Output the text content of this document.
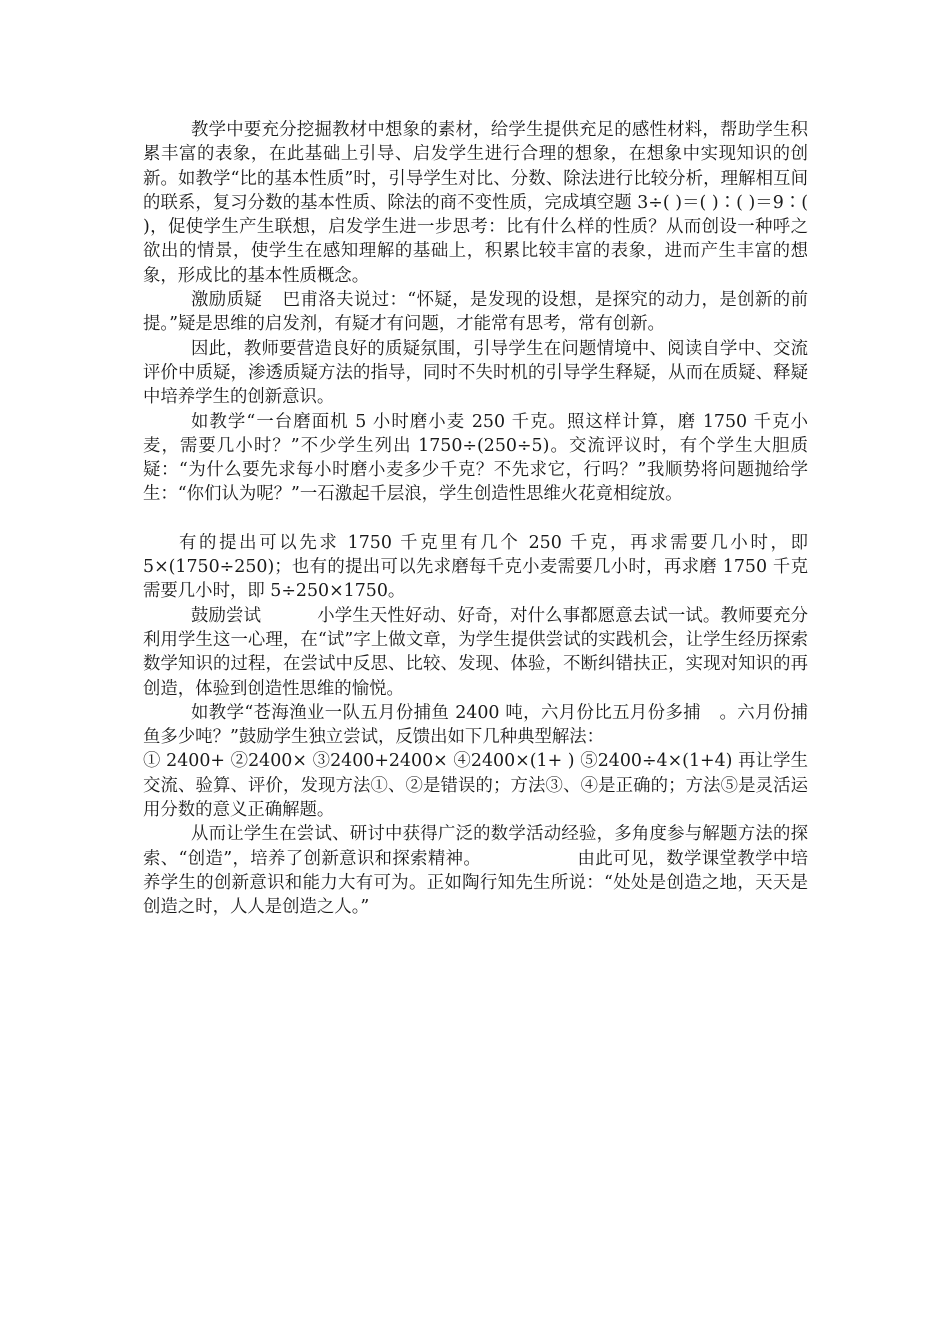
教学中要充分挖掘教材中想象的素材，给学生提供充足的感性材料，帮助学生积累丰富的表象，在此基础上引导、启发学生进行合理的想象，在想象中实现知识的创新。如教学“比的基本性质”时，引导学生对比、分数、除法进行比较分析，理解相互间的联系，复习分数的基本性质、除法的商不变性质，完成填空题 3÷( )＝( )∶( )＝9∶( )，促使学生产生联想，启发学生进一步思考：比有什么样的性质？从而创设一种呼之欲出的情景，使学生在感知理解的基础上，积累比较丰富的表象，进而产生丰富的想象，形成比的基本性质概念。

激励质疑 巴甫洛夫说过：“怀疑，是发现的设想，是探究的动力，是创新的前提。”疑是思维的启发剂，有疑才有问题，才能常有思考，常有创新。

因此，教师要营造良好的质疑氛围，引导学生在问题情境中、阅读自学中、交流评价中质疑，渗透质疑方法的指导，同时不失时机的引导学生释疑，从而在质疑、释疑中培养学生的创新意识。

如教学“一台磨面机 5 小时磨小麦 250 千克。照这样计算，磨 1750 千克小麦，需要几小时？”不少学生列出 1750÷(250÷5)。交流评议时，有个学生大胆质疑：“为什么要先求每小时磨小麦多少千克？不先求它，行吗？”我顺势将问题抛给学生：“你们认为呢？”一石激起千层浪，学生创造性思维火花竟相绽放。

有的提出可以先求 1750 千克里有几个 250 千克，再求需要几小时，即 5×(1750÷250)；也有的提出可以先求磨每千克小麦需要几小时，再求磨 1750 千克需要几小时，即 5÷250×1750。

鼓励尝试	小学生天性好动、好奇，对什么事都愿意去试一试。教师要充分利用学生这一心理，在“试”字上做文章，为学生提供尝试的实践机会，让学生经历探索数学知识的过程，在尝试中反思、比较、发现、体验，不断纠错扶正，实现对知识的再创造，体验到创造性思维的愉悦。

如教学“苍海渔业一队五月份捕鱼 2400 吨，六月份比五月份多捕 。六月份捕鱼多少吨？”鼓励学生独立尝试，反馈出如下几种典型解法：

① 2400+ ②2400× ③2400+2400× ④2400×(1+ ) ⑤2400÷4×(1+4) 再让学生交流、验算、评价，发现方法①、②是错误的；方法③、④是正确的；方法⑤是灵活运用分数的意义正确解题。

从而让学生在尝试、研讨中获得广泛的数学活动经验，多角度参与解题方法的探索、“创造”，培养了创新意识和探索精神。	由此可见，数学课堂教学中培养学生的创新意识和能力大有可为。正如陶行知先生所说：“处处是创造之地，天天是创造之时，人人是创造之人。”
